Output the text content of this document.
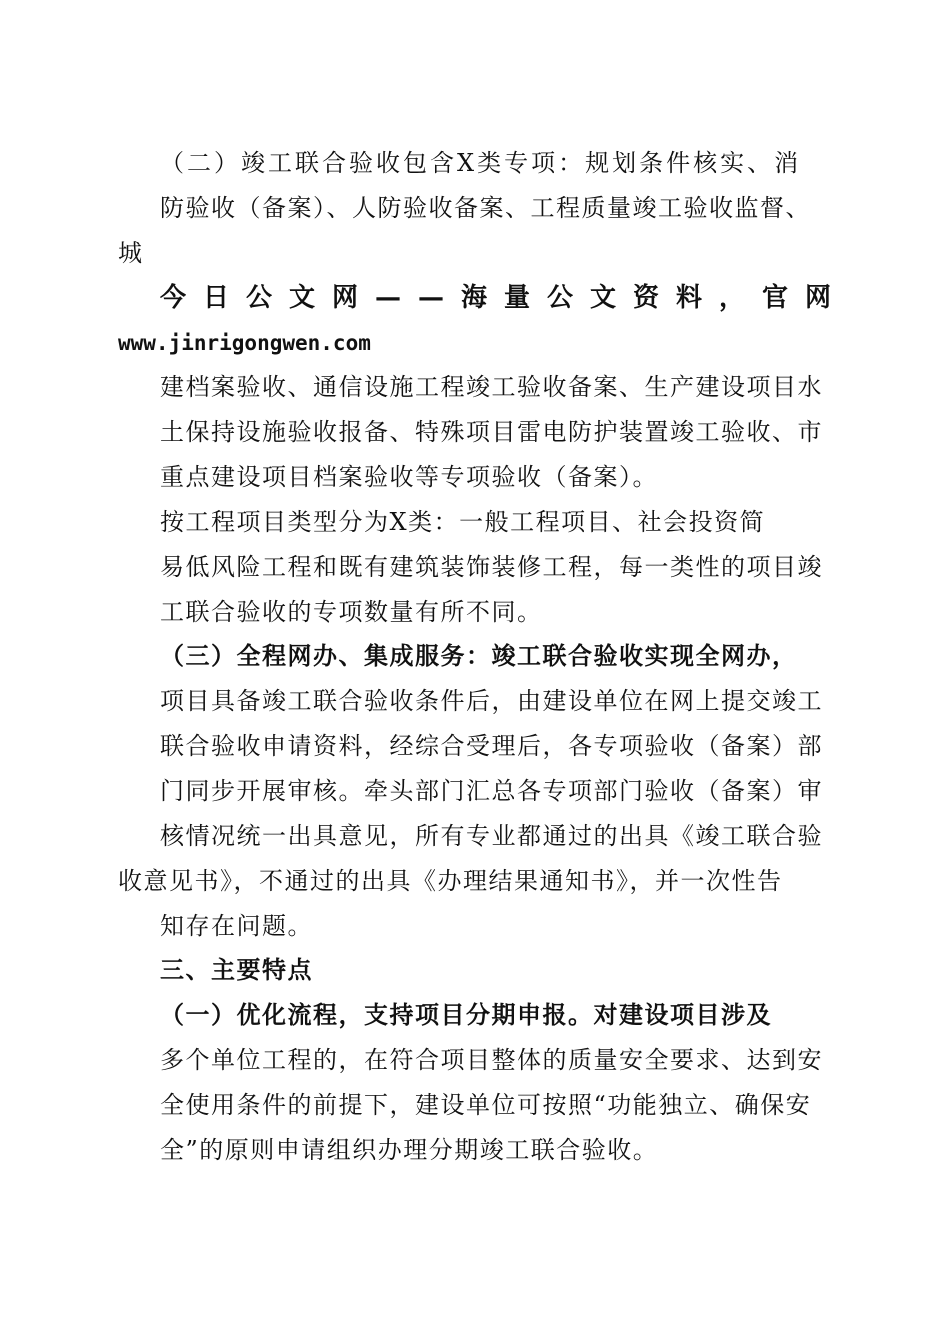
（二）竣工联合验收包含X类专项：规划条件核实、消
防验收（备案）、人防验收备案、工程质量竣工验收监督、
城
今日公文网——海量公文资料，官网
www.jinrigongwen.com
建档案验收、通信设施工程竣工验收备案、生产建设项目水
土保持设施验收报备、特殊项目雷电防护装置竣工验收、市
重点建设项目档案验收等专项验收（备案）。
按工程项目类型分为X类：一般工程项目、社会投资简
易低风险工程和既有建筑装饰装修工程，每一类性的项目竣
工联合验收的专项数量有所不同。
（三）全程网办、集成服务：竣工联合验收实现全网办，
项目具备竣工联合验收条件后，由建设单位在网上提交竣工
联合验收申请资料，经综合受理后，各专项验收（备案）部
门同步开展审核。牵头部门汇总各专项部门验收（备案）审
核情况统一出具意见，所有专业都通过的出具《竣工联合验
收意见书》，不通过的出具《办理结果通知书》，并一次性告
知存在问题。
三、主要特点
（一）优化流程，支持项目分期申报。对建设项目涉及
多个单位工程的，在符合项目整体的质量安全要求、达到安
全使用条件的前提下，建设单位可按照“功能独立、确保安
全”的原则申请组织办理分期竣工联合验收。
